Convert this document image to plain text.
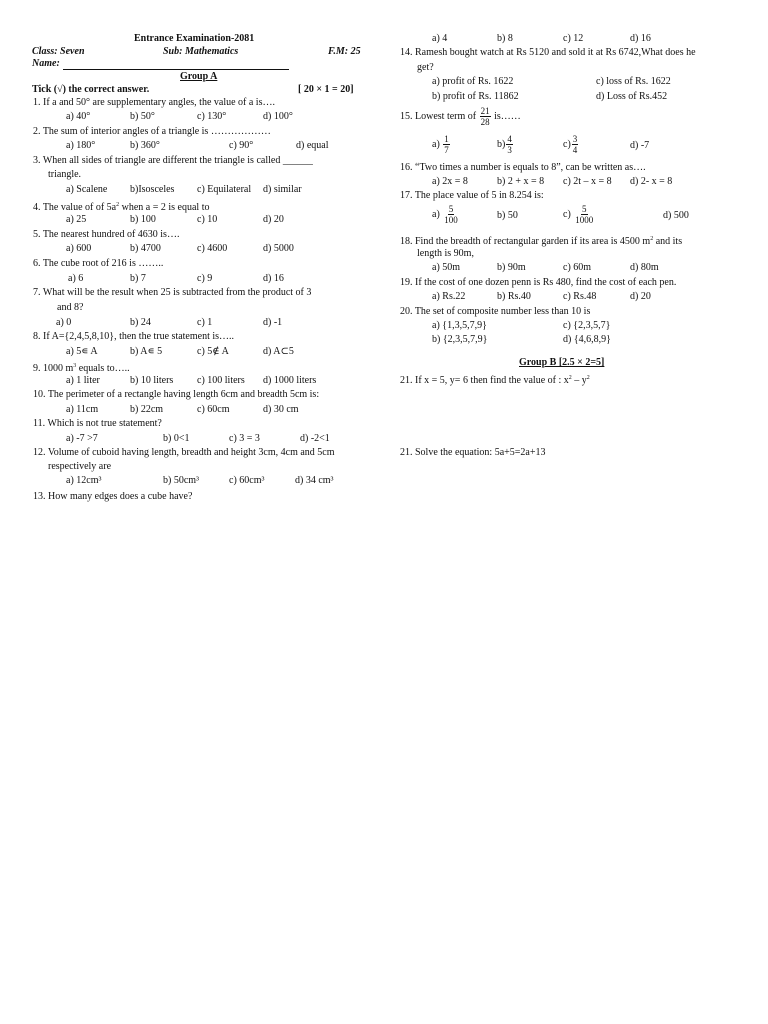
Entrance Examination-2081
Class: Seven	Sub: Mathematics	F.M: 25
Name:
Group A
Tick (√) the correct answer.	[ 20 × 1 = 20]
1. If a and 50° are supplementary angles, the value of a is….
a) 40°	b) 50°	c) 130°	d) 100°
2. The sum of interior angles of a triangle is ………………
a) 180°	b) 360°	c) 90°	d) equal
3. When all sides of triangle are different the triangle is called ______
triangle.
a) Scalene b)Isosceles c) Equilateral d) similar
4. The value of of $5a^2$ when a = 2 is equal to
a) 25	b) 100	c) 10	d) 20
5. The nearest hundred of 4630 is….
a) 600	b) 4700	c) 4600	d) 5000
6. The cube root of 216 is ……..
a) 6	b) 7	c) 9	d) 16
7. What will be the result when 25 is subtracted from the product of 3
and 8?
a) 0	b) 24	c) 1	d) -1
8. If A={2,4,5,8,10}, then the true statement is…..
a) 5∊ A	b) A∊ 5	c) 5∉ A	d) A⊂5
9. 1000 $m^3$ equals to…..
a) 1 liter	b) 10 liters c) 100 liters d) 1000 liters
10. The perimeter of a rectangle having length 6cm and breadth 5cm is:
a) 11cm	b) 22cm	c) 60cm	d) 30 cm
11. Which is not true statement?
a) -7 >7	b) 0<1	c) 3 = 3	d) -2<1
12. Volume of cuboid having length, breadth and height 3cm, 4cm and 5cm
respectively are
a) 12cm³	b) 50cm³	c) 60cm³	d) 34 cm³
13. How many edges does a cube have?
a) 4	b) 8	c) 12	d) 16
14. Ramesh bought watch at Rs 5120 and sold it at Rs 6742,What does he
get?
a) profit of Rs. 1622	c) loss of Rs. 1622
b) profit of Rs. 11862	d) Loss of Rs.452
15. Lowest term of $\frac{21}{28}$ is……
$a) \frac{1}{7}$	$b) \frac{4}{3}$	$c) \frac{3}{4}$	d) -7
16. “Two times a number is equals to 8”, can be written as….
a) 2x = 8	b) 2 + x = 8 c) 2t – x = 8 d) 2- x = 8
17. The place value of 5 in 8.254 is:
$a) \frac{5}{100}$	b) 50	$c) \frac{5}{1000}$	d) 500
18. Find the breadth of rectangular garden if its area is 4500 $m^2$ and its
length is 90m,
a) 50m	b) 90m	c) 60m	d) 80m
19. If the cost of one dozen penn is Rs 480, find the cost of each pen.
a) Rs.22	b) Rs.40	c) Rs.48	d) 20
20. The set of composite number less than 10 is
a) {1,3,5,7,9}	c) {2,3,5,7}
b) {2,3,5,7,9}	d) {4,6,8,9}
Group B [2.5 × 2=5]
21. If x = 5, y= 6 then find the value of : $x^2 - y^2$
21. Solve the equation: 5a+5=2a+13
